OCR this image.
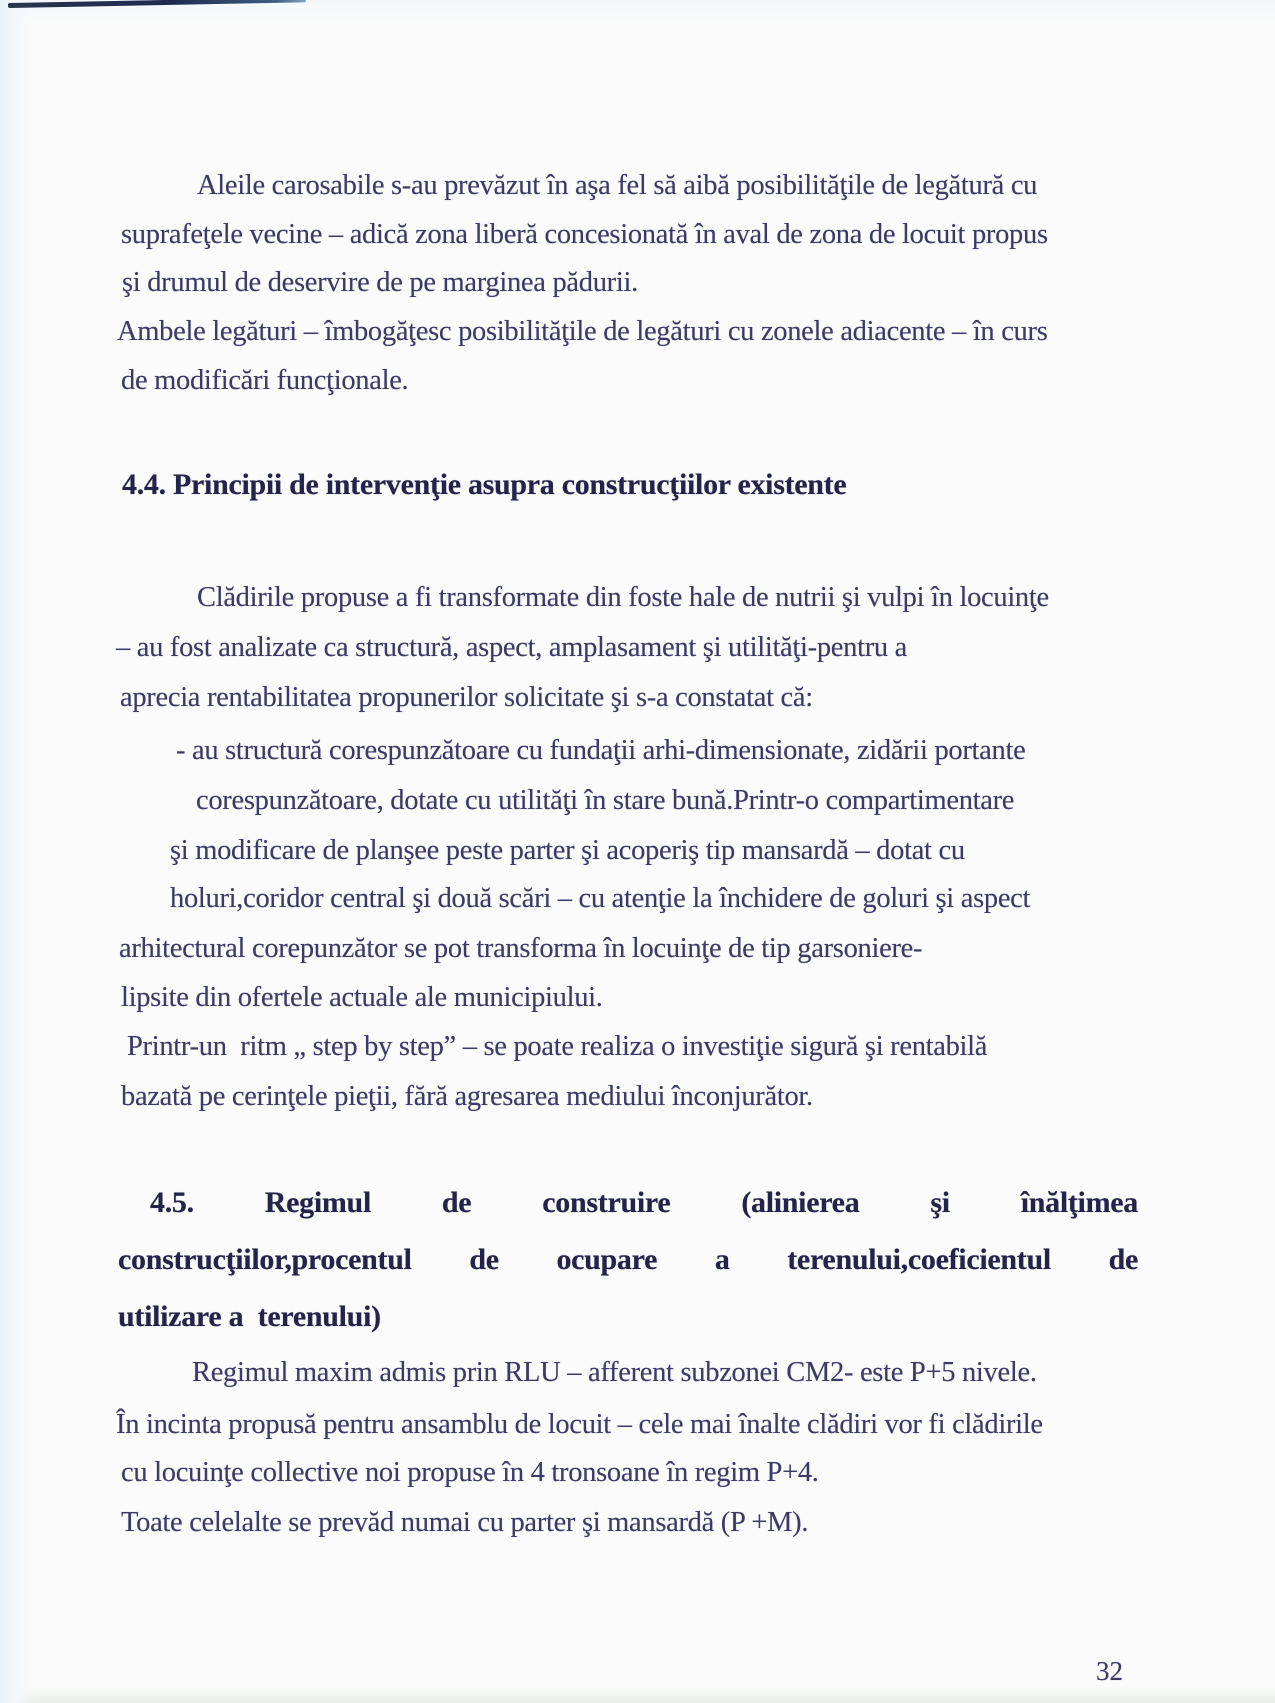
Aleile carosabile s-au prevăzut în aşa fel să aibă posibilităţile de legătură cu
suprafeţele vecine – adică zona liberă concesionată în aval de zona de locuit propus
şi drumul de deservire de pe marginea pădurii.
Ambele legături – îmbogăţesc posibilităţile de legături cu zonele adiacente – în curs
de modificări funcţionale.
4.4. Principii de intervenţie asupra construcţiilor existente
Clădirile propuse a fi transformate din foste hale de nutrii şi vulpi în locuinţe
– au fost analizate ca structură, aspect, amplasament şi utilităţi-pentru a
aprecia rentabilitatea propunerilor solicitate şi s-a constatat că:
- au structură corespunzătoare cu fundaţii arhi-dimensionate, zidării portante
corespunzătoare, dotate cu utilităţi în stare bună.Printr-o compartimentare
şi modificare de planşee peste parter şi acoperiş tip mansardă – dotat cu
holuri,coridor central şi două scări – cu atenţie la închidere de goluri şi aspect
arhitectural corepunzător se pot transforma în locuinţe de tip garsoniere-
lipsite din ofertele actuale ale municipiului.
Printr-un  ritm „ step by step” – se poate realiza o investiţie sigură şi rentabilă
bazată pe cerinţele pieţii, fără agresarea mediului înconjurător.
4.5. Regimul de construire (alinierea şi înălţimea
construcţiilor,procentul de ocupare a terenului,coeficientul de
utilizare a  terenului)
Regimul maxim admis prin RLU – afferent subzonei CM2- este P+5 nivele.
În incinta propusă pentru ansamblu de locuit – cele mai înalte clădiri vor fi clădirile
cu locuinţe collective noi propuse în 4 tronsoane în regim P+4.
Toate celelalte se prevăd numai cu parter şi mansardă (P +M).
32
